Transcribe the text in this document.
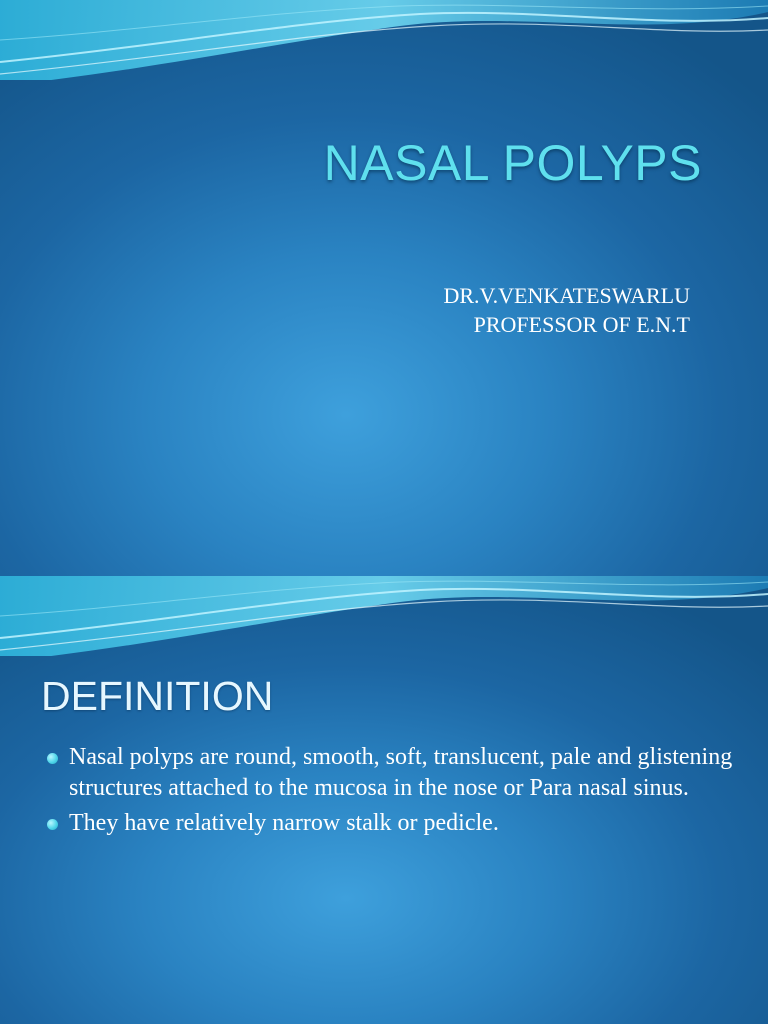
NASAL POLYPS
DR.V.VENKATESWARLU
PROFESSOR OF E.N.T
DEFINITION
Nasal polyps are round, smooth, soft, translucent, pale and glistening structures attached to the mucosa in the nose or Para nasal sinus.
They have relatively narrow stalk or pedicle.
